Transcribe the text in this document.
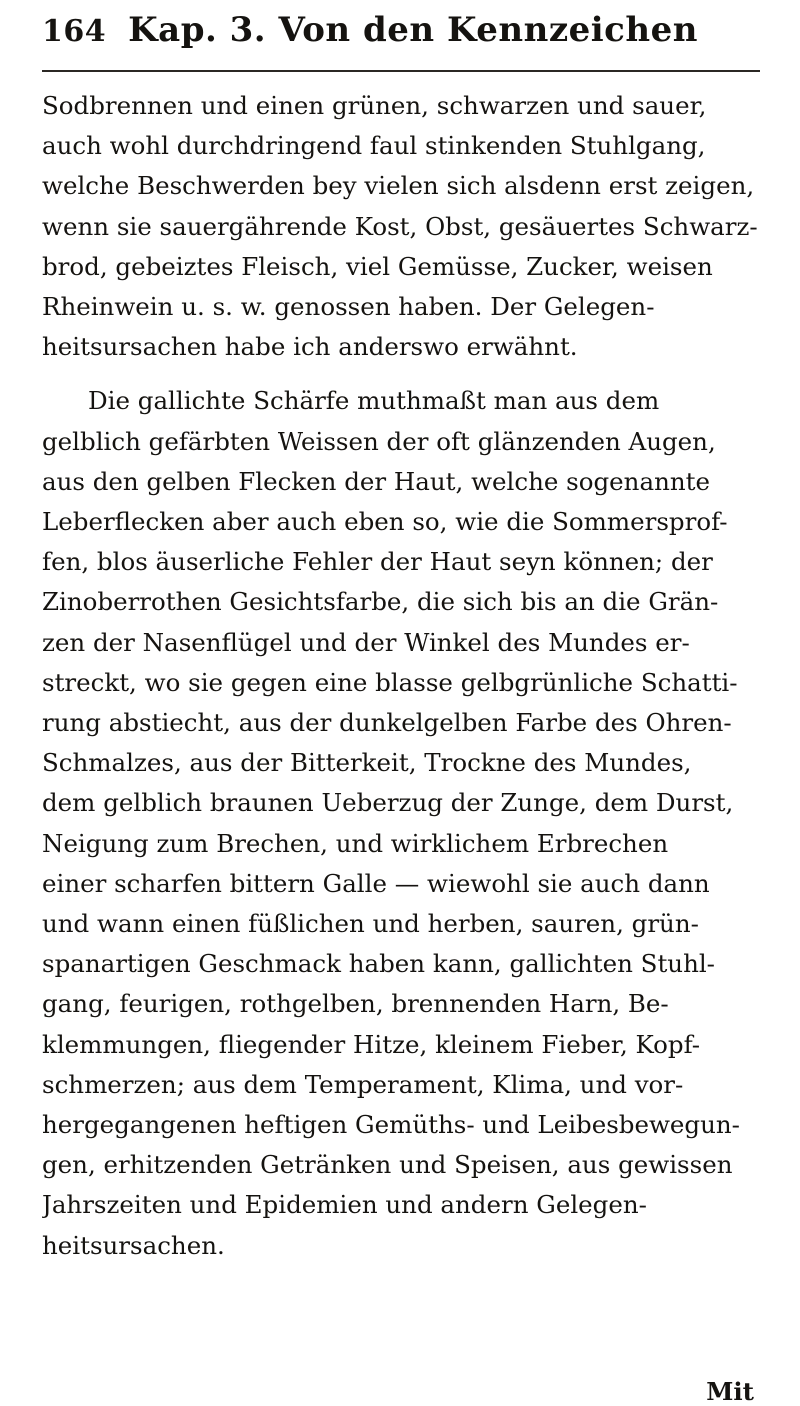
164 Kap. 3. Von den Kennzeichen

Sodbrennen und einen grünen, schwarzen und sauer,
auch wohl durchdringend faul stinkenden Stuhlgang,
welche Beschwerden bey vielen sich alsdenn erst zeigen,
wenn sie sauergährende Kost, Obst, gesäuertes Schwarz-
brod, gebeiztes Fleisch, viel Gemüsse, Zucker, weisen
Rheinwein u. s. w. genossen haben. Der Gelegen-
heitsursachen habe ich anderswo erwähnt.

Die gallichte Schärfe muthmaßt man aus dem
gelblich gefärbten Weissen der oft glänzenden Augen,
aus den gelben Flecken der Haut, welche sogenannte
Leberflecken aber auch eben so, wie die Sommersprof-
fen, blos äuserliche Fehler der Haut seyn können; der
Zinoberrothen Gesichtsfarbe, die sich bis an die Grän-
zen der Nasenflügel und der Winkel des Mundes er-
streckt, wo sie gegen eine blasse gelbgrünliche Schatti-
rung abstiecht, aus der dunkelgelben Farbe des Ohren-
Schmalzes, aus der Bitterkeit, Trockne des Mundes,
dem gelblich braunen Ueberzug der Zunge, dem Durst,
Neigung zum Brechen, und wirklichem Erbrechen
einer scharfen bittern Galle — wiewohl sie auch dann
und wann einen füßlichen und herben, sauren, grün-
spanartigen Geschmack haben kann, gallichten Stuhl-
gang, feurigen, rothgelben, brennenden Harn, Be-
klemmungen, fliegender Hitze, kleinem Fieber, Kopf-
schmerzen; aus dem Temperament, Klima, und vor-
hergegangenen heftigen Gemüths- und Leibesbewegun-
gen, erhitzenden Getränken und Speisen, aus gewissen
Jahrszeiten und Epidemien und andern Gelegen-
heitsursachen.

Mit
